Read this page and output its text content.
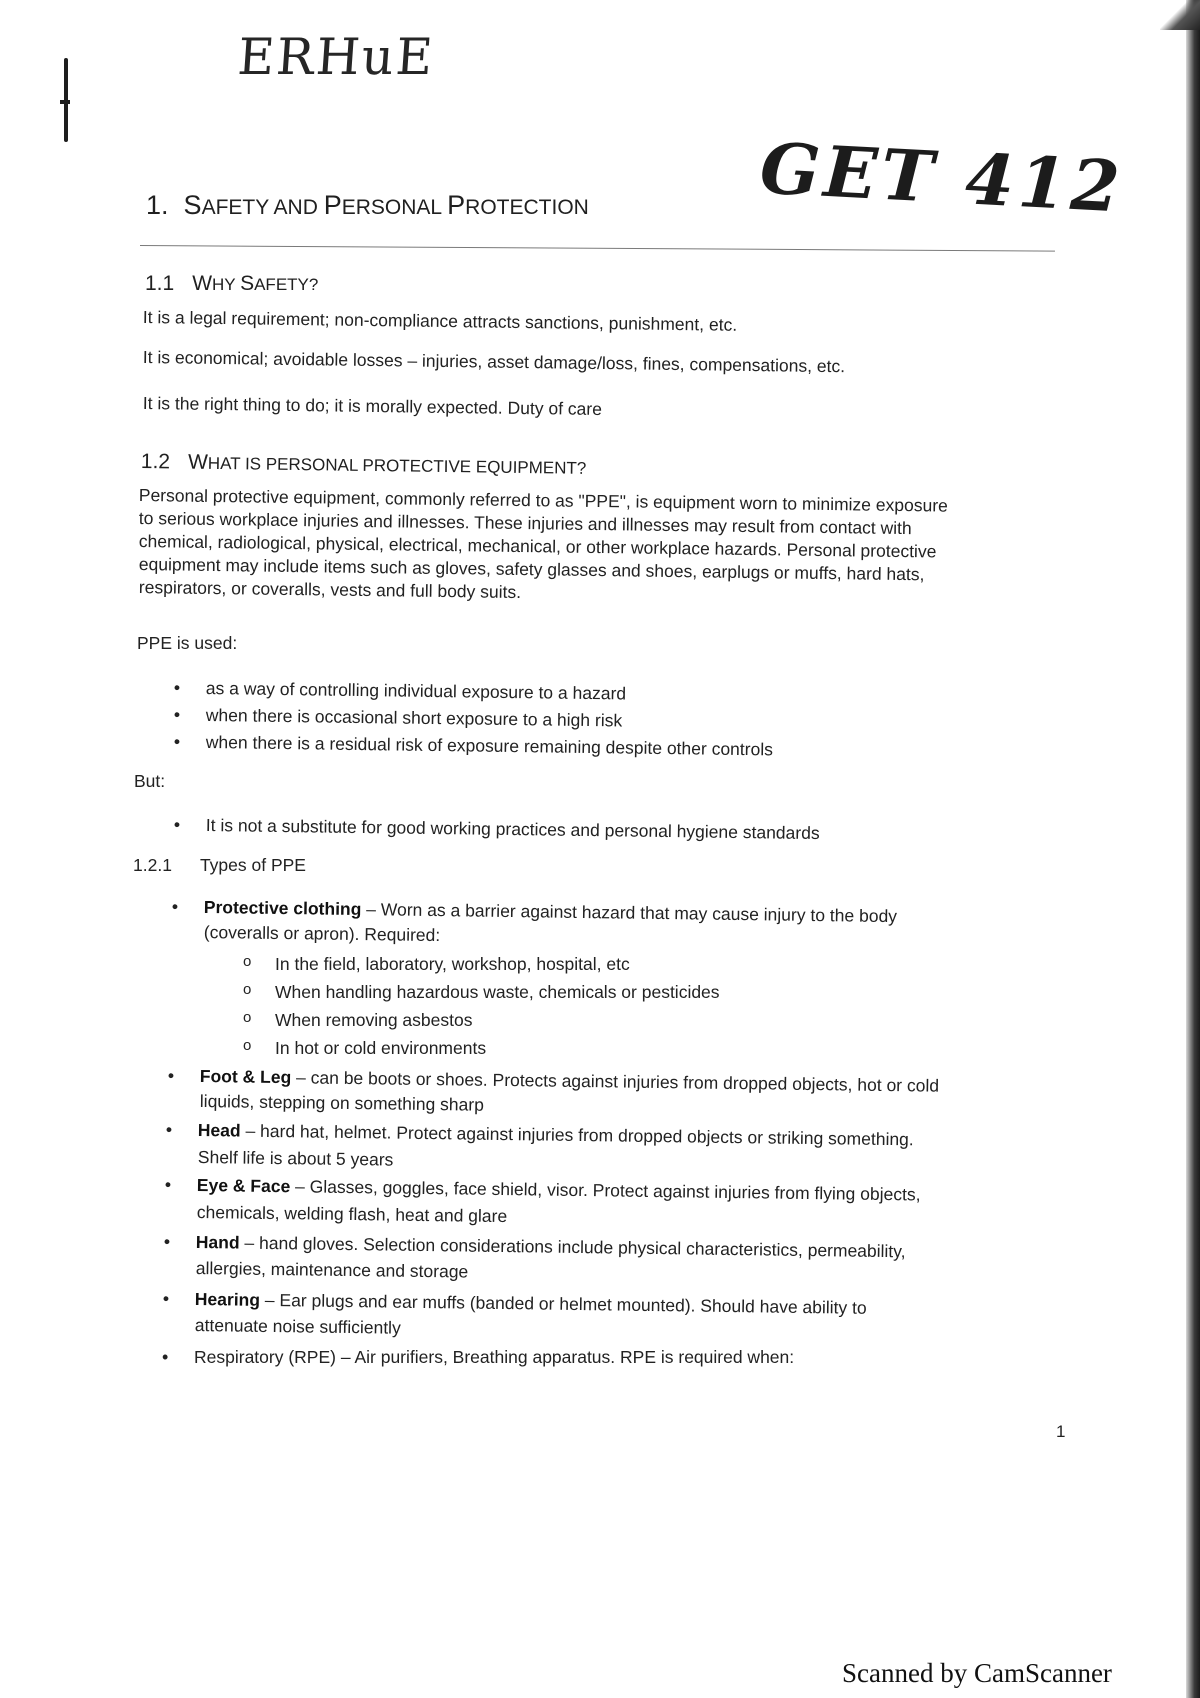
ERHuE
GET 412
1. SAFETY AND PERSONAL PROTECTION
1.1 WHY SAFETY?
It is a legal requirement; non-compliance attracts sanctions, punishment, etc.
It is economical; avoidable losses – injuries, asset damage/loss, fines, compensations, etc.
It is the right thing to do; it is morally expected. Duty of care
1.2 WHAT IS PERSONAL PROTECTIVE EQUIPMENT?
Personal protective equipment, commonly referred to as "PPE", is equipment worn to minimize exposure
to serious workplace injuries and illnesses. These injuries and illnesses may result from contact with
chemical, radiological, physical, electrical, mechanical, or other workplace hazards. Personal protective
equipment may include items such as gloves, safety glasses and shoes, earplugs or muffs, hard hats,
respirators, or coveralls, vests and full body suits.
PPE is used:
• as a way of controlling individual exposure to a hazard
• when there is occasional short exposure to a high risk
• when there is a residual risk of exposure remaining despite other controls
But:
• It is not a substitute for good working practices and personal hygiene standards
1.2.1 Types of PPE
• Protective clothing – Worn as a barrier against hazard that may cause injury to the body
(coveralls or apron). Required:
o In the field, laboratory, workshop, hospital, etc
o When handling hazardous waste, chemicals or pesticides
o When removing asbestos
o In hot or cold environments
• Foot & Leg – can be boots or shoes. Protects against injuries from dropped objects, hot or cold
liquids, stepping on something sharp
• Head – hard hat, helmet. Protect against injuries from dropped objects or striking something.
Shelf life is about 5 years
• Eye & Face – Glasses, goggles, face shield, visor. Protect against injuries from flying objects,
chemicals, welding flash, heat and glare
• Hand – hand gloves. Selection considerations include physical characteristics, permeability,
allergies, maintenance and storage
• Hearing – Ear plugs and ear muffs (banded or helmet mounted). Should have ability to
attenuate noise sufficiently
• Respiratory (RPE) – Air purifiers, Breathing apparatus. RPE is required when:
1
Scanned by CamScanner
